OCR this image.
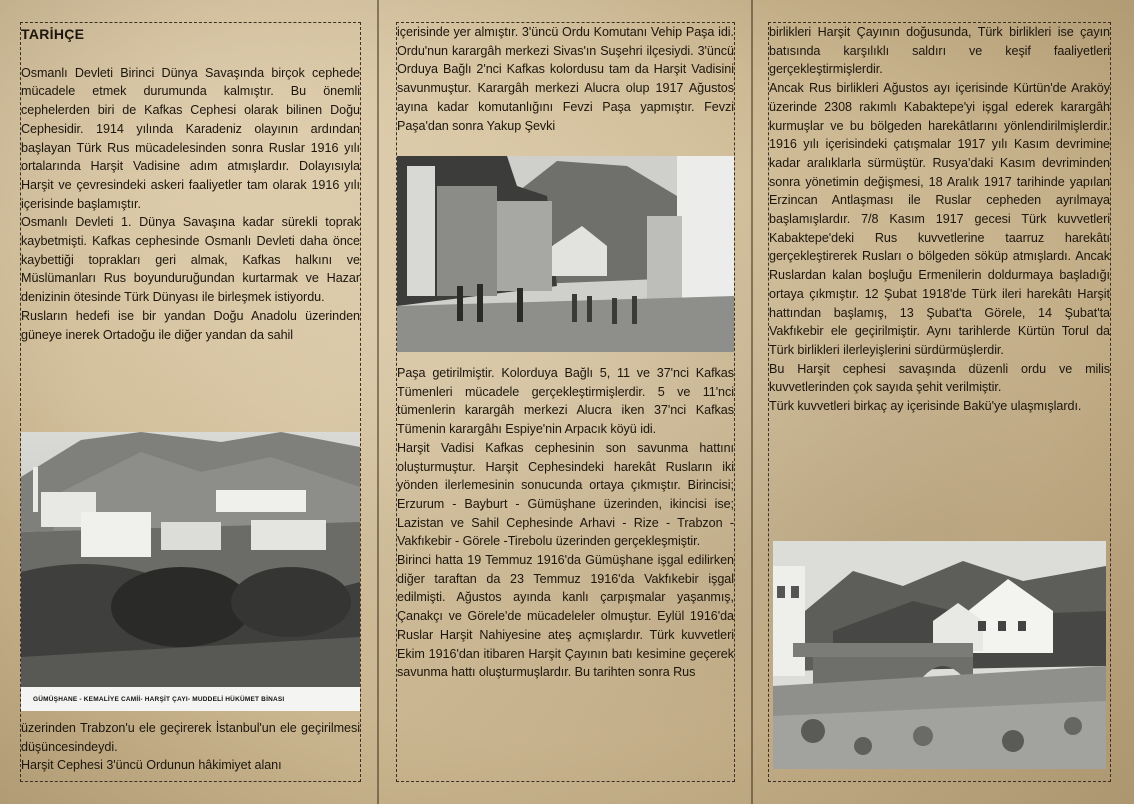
TARİHÇE

Osmanlı Devleti Birinci Dünya Savaşında birçok cephede mücadele etmek durumunda kalmıştır. Bu önemli cephelerden biri de Kafkas Cephesi olarak bilinen Doğu Cephesidir. 1914 yılında Karadeniz olayının ardından başlayan Türk Rus mücadelesinden sonra Ruslar 1916 yılı ortalarında Harşit Vadisine adım atmışlardır. Dolayısıyla Harşit ve çevresindeki askeri faaliyetler tam olarak 1916 yılı içerisinde başlamıştır.

Osmanlı Devleti 1. Dünya Savaşına kadar sürekli toprak kaybetmişti. Kafkas cephesinde Osmanlı Devleti daha önce kaybettiği toprakları geri almak, Kafkas halkını ve Müslümanları Rus boyunduruğundan kurtarmak ve Hazar denizinin ötesinde Türk Dünyası ile birleşmek istiyordu.

Rusların hedefi ise bir yandan Doğu Anadolu üzerinden güneye inerek Ortadoğu ile diğer yandan da sahil

GÜMÜŞHANE - KEMALİYE CAMİİ- HARŞİT ÇAYI- MUDDELİ HÜKÜMET BİNASI

üzerinden Trabzon'u ele geçirerek İstanbul'un ele geçirilmesi düşüncesindeydi.

Harşit Cephesi 3'üncü Ordunun hâkimiyet alanı

içerisinde yer almıştır. 3'üncü Ordu Komutanı Vehip Paşa idi. Ordu'nun karargâh merkezi Sivas'ın Suşehri ilçesiydi. 3'üncü Orduya Bağlı 2'nci Kafkas kolordusu tam da Harşit Vadisini savunmuştur. Karargâh merkezi Alucra olup 1917 Ağustos ayına kadar komutanlığını Fevzi Paşa yapmıştır. Fevzi Paşa'dan sonra Yakup Şevki

Paşa getirilmiştir. Kolorduya Bağlı 5, 11 ve 37'nci Kafkas Tümenleri mücadele gerçekleştirmişlerdir. 5 ve 11'nci tümenlerin karargâh merkezi Alucra iken 37'nci Kafkas Tümenin karargâhı Espiye'nin Arpacık köyü idi.

Harşit Vadisi Kafkas cephesinin son savunma hattını oluşturmuştur. Harşit Cephesindeki harekât Rusların iki yönden ilerlemesinin sonucunda ortaya çıkmıştır. Birincisi; Erzurum - Bayburt - Gümüşhane üzerinden, ikincisi ise; Lazistan ve Sahil Cephesinde Arhavi - Rize - Trabzon - Vakfıkebir - Görele -Tirebolu üzerinden gerçekleşmiştir.

Birinci hatta 19 Temmuz 1916'da Gümüşhane işgal edilirken diğer taraftan da 23 Temmuz 1916'da Vakfıkebir işgal edilmişti. Ağustos ayında kanlı çarpışmalar yaşanmış, Çanakçı ve Görele'de mücadeleler olmuştur. Eylül 1916'da Ruslar Harşit Nahiyesine ateş açmışlardır. Türk kuvvetleri Ekim 1916'dan itibaren Harşit Çayının batı kesimine geçerek savunma hattı oluşturmuşlardır. Bu tarihten sonra Rus

birlikleri Harşit Çayının doğusunda, Türk birlikleri ise çayın batısında karşılıklı saldırı ve keşif faaliyetleri gerçekleştirmişlerdir.

Ancak Rus birlikleri Ağustos ayı içerisinde Kürtün'de Araköy üzerinde 2308 rakımlı Kabaktepe'yi işgal ederek karargâh kurmuşlar ve bu bölgeden harekâtlarını yönlendirilmişlerdir. 1916 yılı içerisindeki çatışmalar 1917 yılı Kasım devrimine kadar aralıklarla sürmüştür. Rusya'daki Kasım devriminden sonra yönetimin değişmesi, 18 Aralık 1917 tarihinde yapılan Erzincan Antlaşması ile Ruslar cepheden ayrılmaya başlamışlardır. 7/8 Kasım 1917 gecesi Türk kuvvetleri Kabaktepe'deki Rus kuvvetlerine taarruz harekâtı gerçekleştirerek Rusları o bölgeden söküp atmışlardı. Ancak Ruslardan kalan boşluğu Ermenilerin doldurmaya başladığı ortaya çıkmıştır. 12 Şubat 1918'de Türk ileri harekâtı Harşit hattından başlamış, 13 Şubat'ta Görele, 14 Şubat'ta Vakfıkebir ele geçirilmiştir. Aynı tarihlerde Kürtün Torul da Türk birlikleri ilerleyişlerini sürdürmüşlerdir.

Bu Harşit cephesi savaşında düzenli ordu ve milis kuvvetlerinden çok sayıda şehit verilmiştir.

Türk kuvvetleri birkaç ay içerisinde Bakü'ye ulaşmışlardı.
